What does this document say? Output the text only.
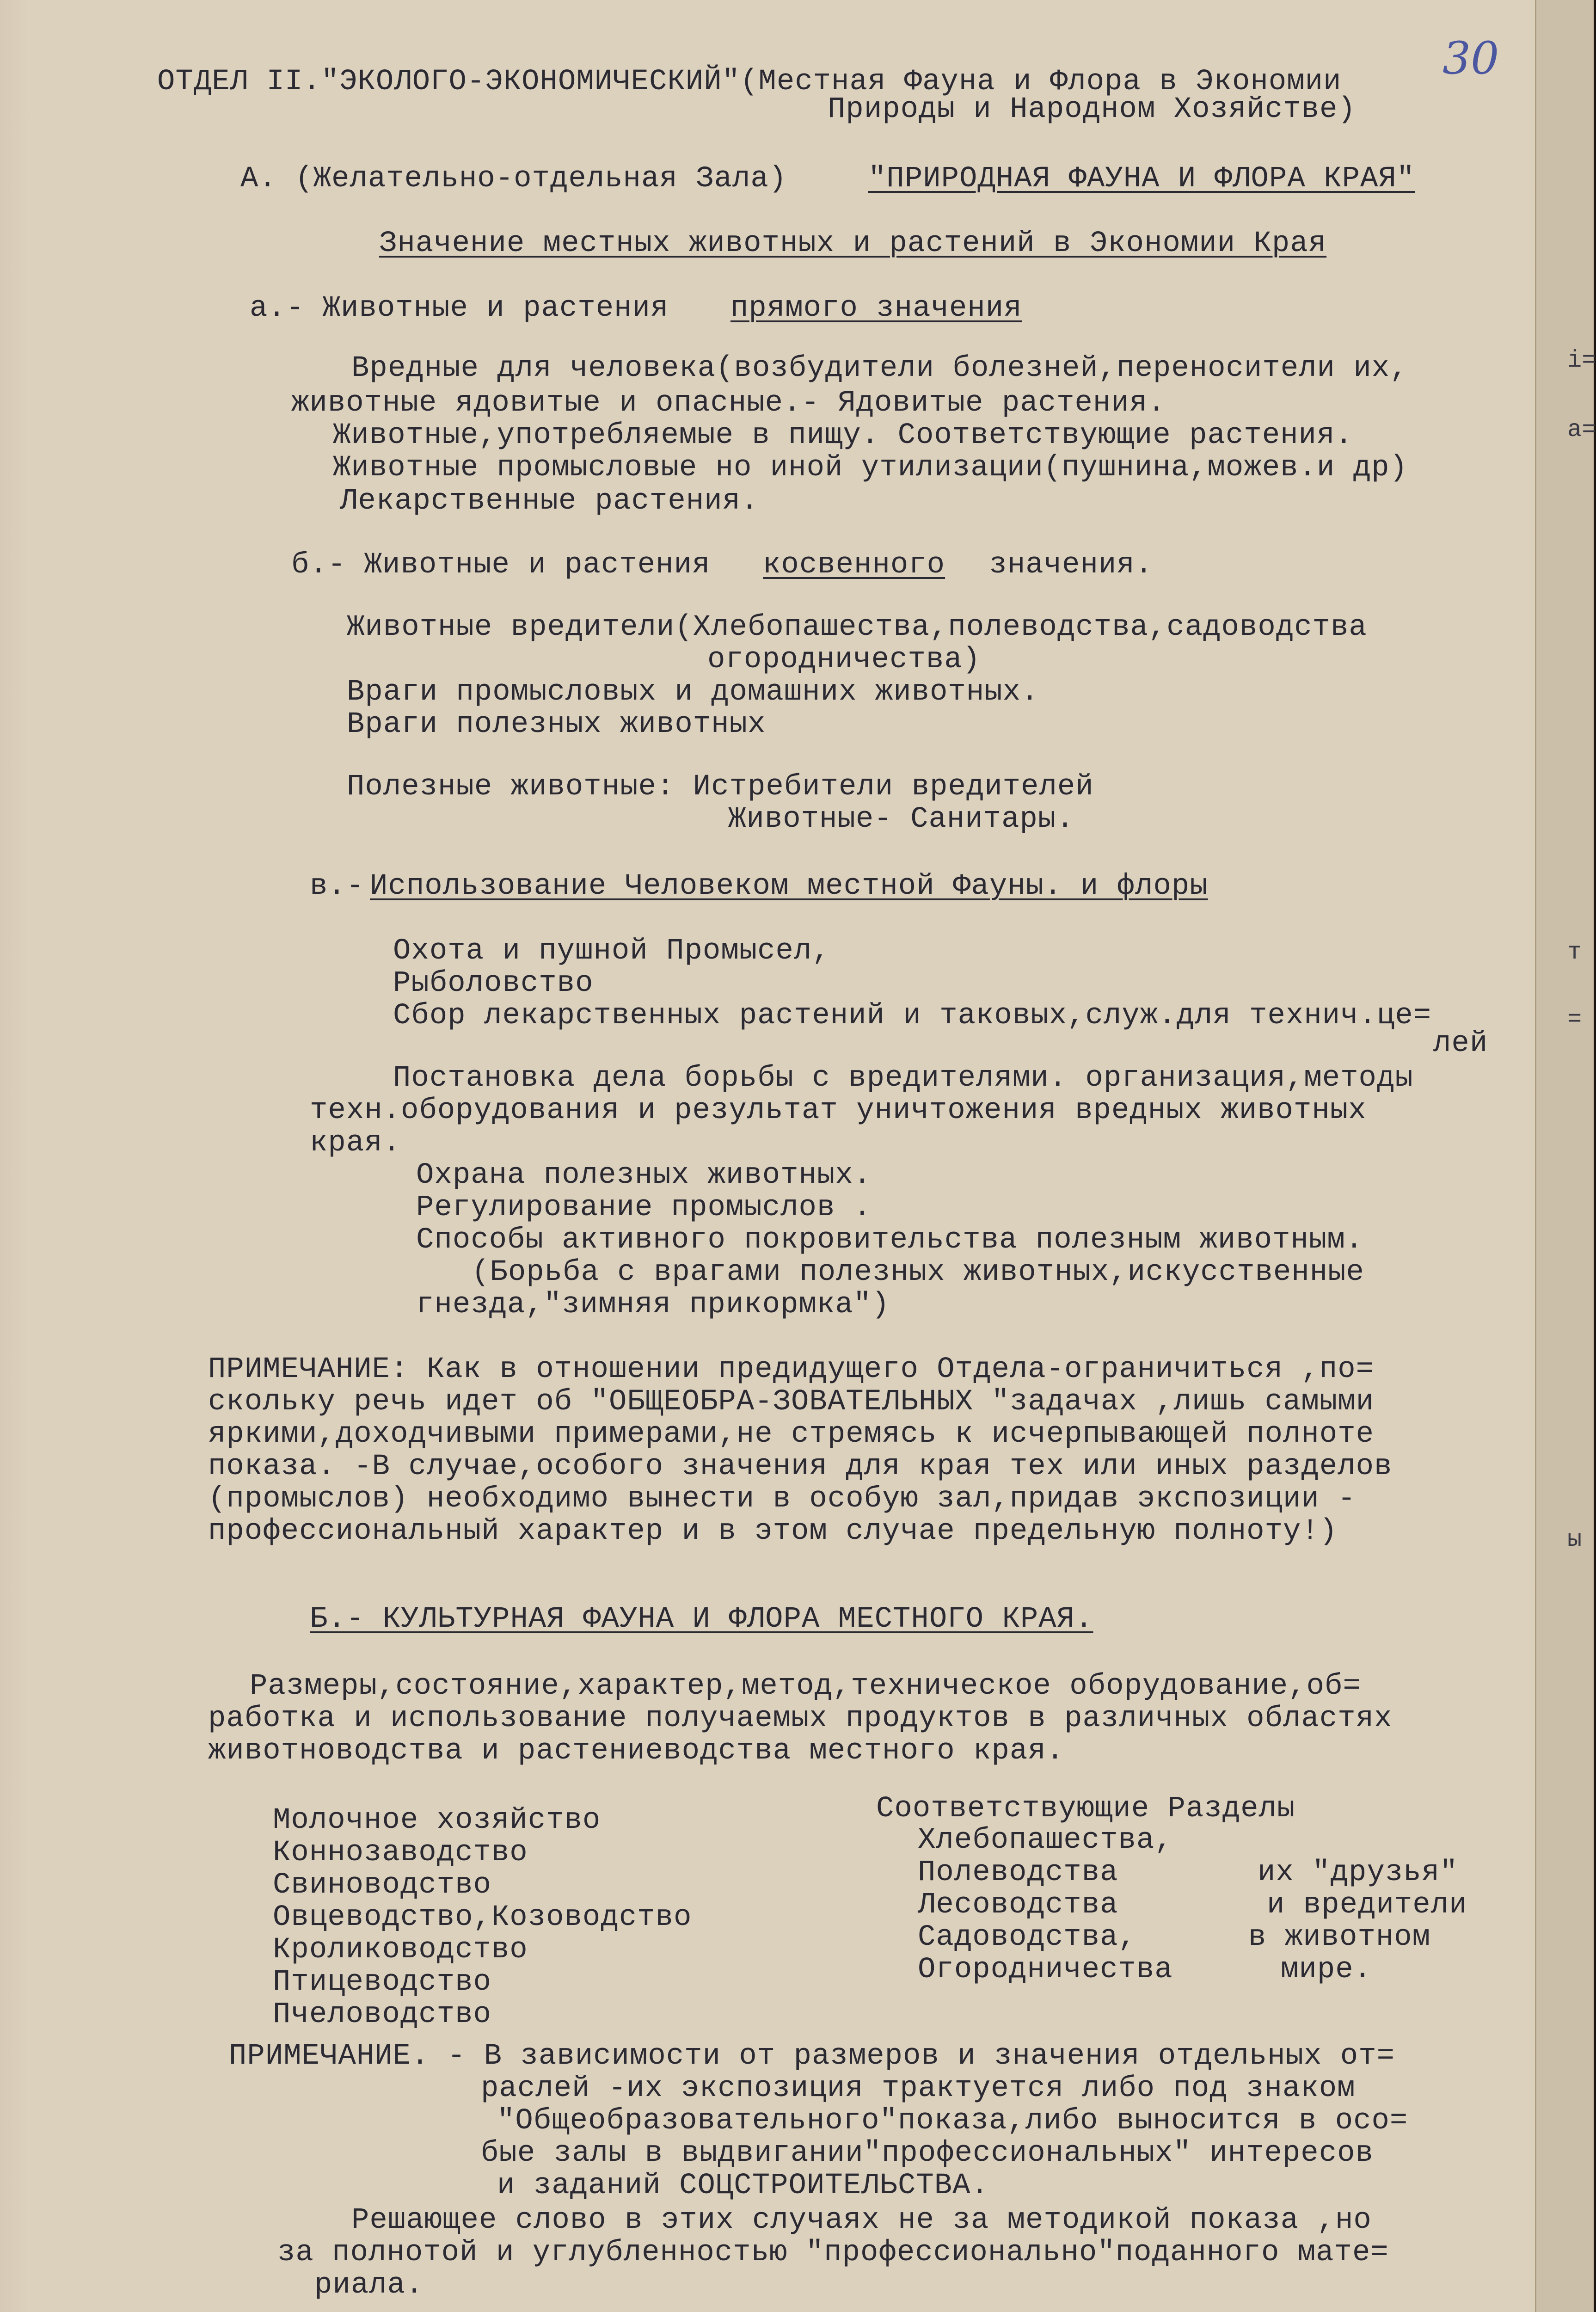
30
ОТДЕЛ II."ЭКОЛОГО-ЭКОНОМИЧЕСКИЙ"(Местная Фауна и Флора в Экономии
Природы и Народном Хозяйстве)
А. (Желательно-отдельная Зала)	"ПРИРОДНАЯ ФАУНА И ФЛОРА КРАЯ"
Значение местных животных и растений в Экономии Края
а.- Животные и растения прямого значения
Вредные для человека(возбудители болезней,переносители их,
животные ядовитые и опасные.- Ядовитые растения.
Животные,употребляемые в пищу. Соответствующие растения.
Животные промысловые но иной утилизации(пушнина,можев.и др)
Лекарственные растения.
б.- Животные и растения косвенного значения.
Животные вредители(Хлебопашества,полеводства,садоводства
огородничества)
Враги промысловых и домашних животных.
Враги полезных животных
Полезные животные: Истребители вредителей
Животные- Санитары.
в.- Использование Человеком местной Фауны. и флоры
Охота и пушной Промысел,
Рыболовство
Сбор лекарственных растений и таковых,служ.для технич.це=
лей
Постановка дела борьбы с вредителями. организация,методы
техн.оборудования и результат уничтожения вредных животных
края.
Охрана полезных животных.
Регулирование промыслов .
Способы активного покровительства полезным животным.
(Борьба с врагами полезных животных,искусственные
гнезда,"зимняя прикормка")
ПРИМЕЧАНИЕ: Как в отношении предидущего Отдела-ограничиться ,по=
скольку речь идет об "ОБЩЕОБРА-ЗОВАТЕЛЬНЫХ "задачах ,лишь самыми
яркими,доходчивыми примерами,не стремясь к исчерпывающей полноте
показа. -В случае,особого значения для края тех или иных разделов
(промыслов) необходимо вынести в особую зал,придав экспозиции -
профессиональный характер и в этом случае предельную полноту!)
Б.- КУЛЬТУРНАЯ ФАУНА И ФЛОРА МЕСТНОГО КРАЯ.
Размеры,состояние,характер,метод,техническое оборудование,об=
работка и использование получаемых продуктов в различных областях
животноводства и растениеводства местного края.
Молочное хозяйство
Коннозаводство
Свиноводство
Овцеводство,Козоводство
Кролиководство
Птицеводство
Пчеловодство
Соответствующие Разделы
Хлебопашества,
Полеводства
Лесоводства
Садоводства,
Огородничества
их "друзья"
и вредители
в животном
мире.
ПРИМЕЧАНИЕ. - В зависимости от размеров и значения отдельных от=
раслей -их экспозиция трактуется либо под знаком
"Общеобразовательного"показа,либо выносится в осо=
бые залы в выдвигании"професcиональных" интересов
и заданий СОЦСТРОИТЕЛЬСТВА.
Решающее слово в этих случаях не за методикой показа ,но
за полнотой и углубленностью "профессионально"поданного мате=
риала.
і=
а=
т
=
ы
